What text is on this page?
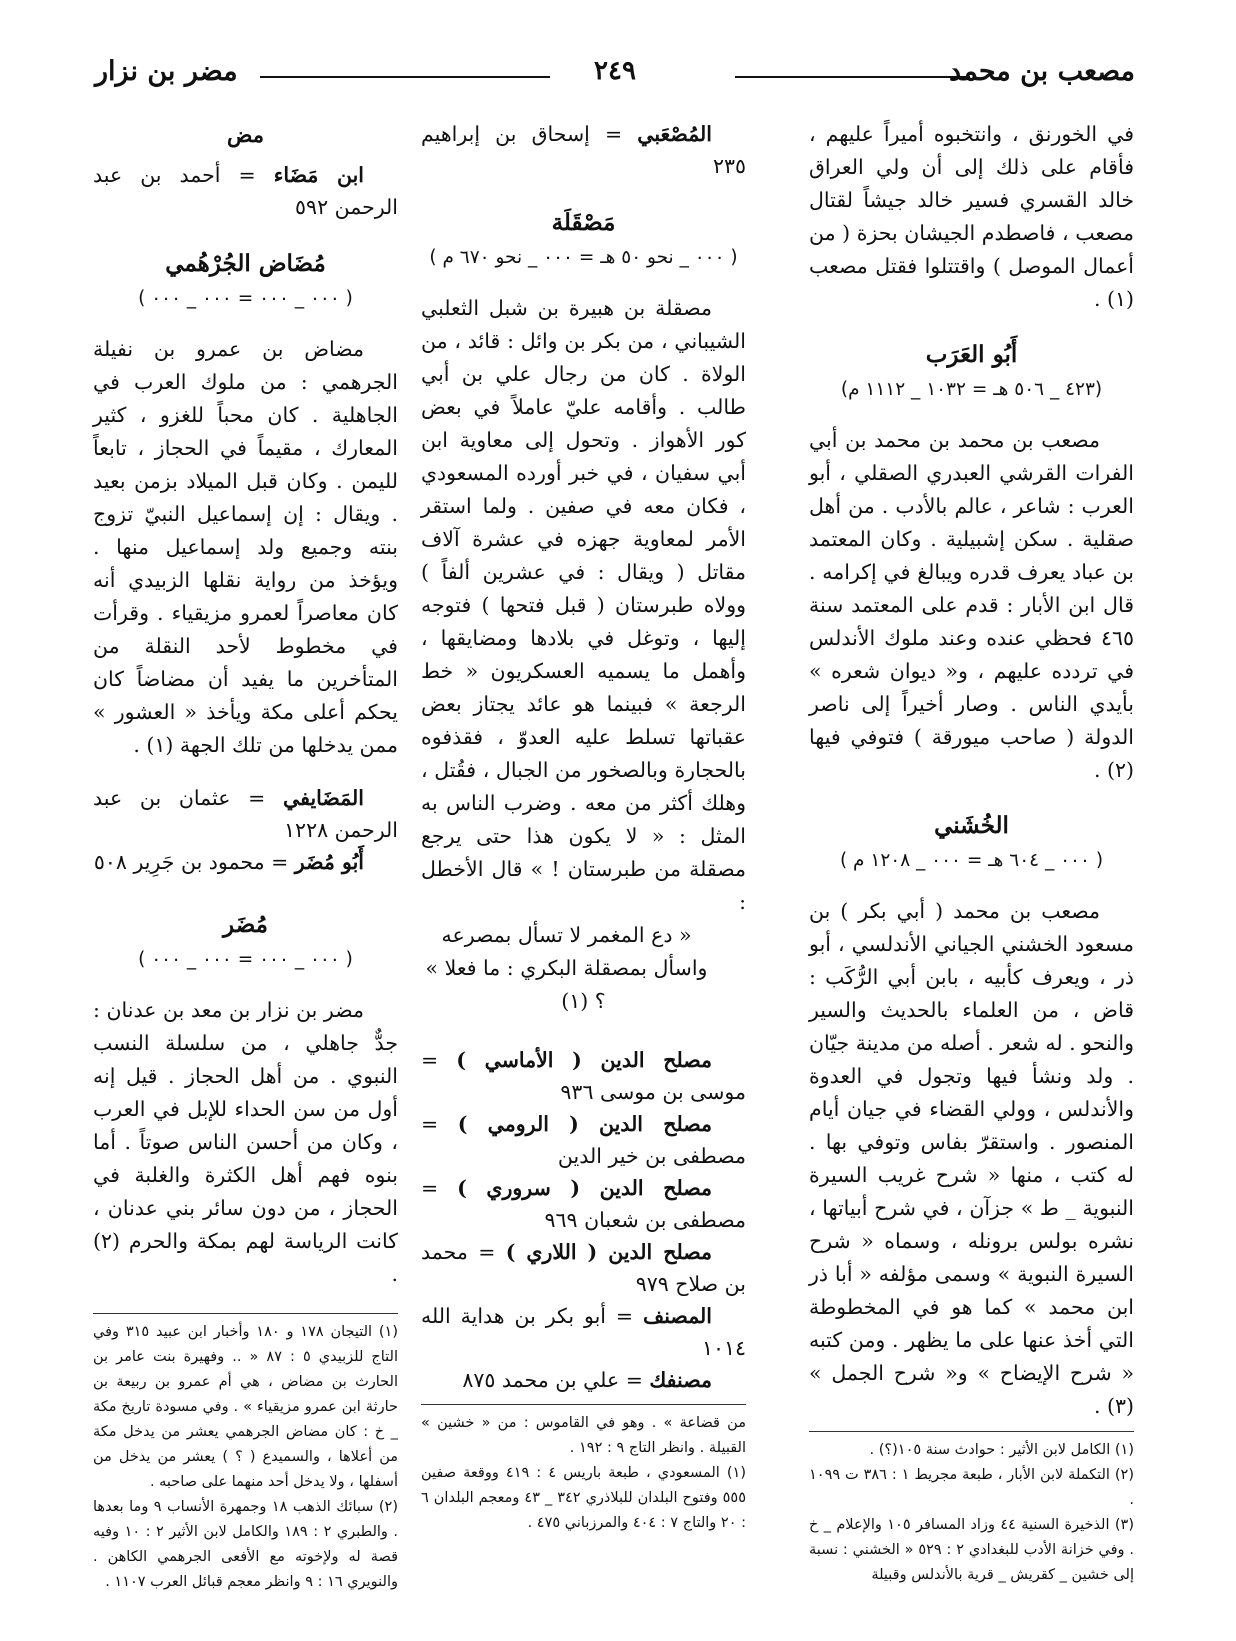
مصعب بن محمد
٢٤٩
مضر بن نزار

في الخورنق ، وانتخبوه أميراً عليهم ، فأقام على ذلك إلى أن ولي العراق خالد القسري فسير خالد جيشاً لقتال مصعب ، فاصطدم الجيشان بحزة ( من أعمال الموصل ) واقتتلوا فقتل مصعب (١) .

أَبُو العَرَب
(٤٢٣ _ ٥٠٦ هـ = ١٠٣٢ _ ١١١٢ م)

مصعب بن محمد بن محمد بن أبي الفرات القرشي العبدري الصقلي ، أبو العرب : شاعر ، عالم بالأدب . من أهل صقلية . سكن إشبيلية . وكان المعتمد بن عباد يعرف قدره ويبالغ في إكرامه . قال ابن الأبار : قدم على المعتمد سنة ٤٦٥ فحظي عنده وعند ملوك الأندلس في تردده عليهم ، و« ديوان شعره » بأيدي الناس . وصار أخيراً إلى ناصر الدولة ( صاحب ميورقة ) فتوفي فيها (٢) .

الخُشَني
( ٠٠٠ _ ٦٠٤ هـ = ٠٠٠ _ ١٢٠٨ م )

مصعب بن محمد ( أبي بكر ) بن مسعود الخشني الجياني الأندلسي ، أبو ذر ، ويعرف كأبيه ، بابن أبي الرُّكَب : قاض ، من العلماء بالحديث والسير والنحو . له شعر . أصله من مدينة جيّان . ولد ونشأ فيها وتجول في العدوة والأندلس ، وولي القضاء في جيان أيام المنصور . واستقرّ بفاس وتوفي بها . له كتب ، منها « شرح غريب السيرة النبوية _ ط » جزآن ، في شرح أبياتها ، نشره بولس برونله ، وسماه « شرح السيرة النبوية » وسمى مؤلفه « أبا ذر ابن محمد » كما هو في المخطوطة التي أخذ عنها على ما يظهر . ومن كتبه « شرح الإيضاح » و« شرح الجمل » (٣) .

(١) الكامل لابن الأثير : حوادث سنة ١٠٥(؟) .

(٢) التكملة لابن الأبار ، طبعة مجريط ١ : ٣٨٦ ت ١٠٩٩ .

(٣) الذخيرة السنية ٤٤ وزاد المسافر ١٠٥ والإعلام _ خ . وفي خزانة الأدب للبغدادي ٢ : ٥٢٩ « الخشني : نسبة إلى خشين _ كقريش _ قرية بالأندلس وقبيلة

المُصْعَبي = إسحاق بن إبراهيم ٢٣٥

مَصْقَلَة
( ٠٠٠ _ نحو ٥٠ هـ = ٠٠٠ _ نحو ٦٧٠ م )

مصقلة بن هبيرة بن شبل الثعلبي الشيباني ، من بكر بن وائل : قائد ، من الولاة . كان من رجال علي بن أبي طالب . وأقامه عليّ عاملاً في بعض كور الأهواز . وتحول إلى معاوية ابن أبي سفيان ، في خبر أورده المسعودي ، فكان معه في صفين . ولما استقر الأمر لمعاوية جهزه في عشرة آلاف مقاتل ( ويقال : في عشرين ألفاً ) وولاه طبرستان ( قبل فتحها ) فتوجه إليها ، وتوغل في بلادها ومضايقها ، وأهمل ما يسميه العسكريون « خط الرجعة » فبينما هو عائد يجتاز بعض عقباتها تسلط عليه العدوّ ، فقذفوه بالحجارة وبالصخور من الجبال ، فقُتل ، وهلك أكثر من معه . وضرب الناس به المثل : « لا يكون هذا حتى يرجع مصقلة من طبرستان ! » قال الأخطل :

« دع المغمر لا تسأل بمصرعه

واسأل بمصقلة البكري : ما فعلا » ؟ (١)

مصلح الدين ( الأماسي ) = موسى بن موسى ٩٣٦

مصلح الدين ( الرومي ) = مصطفى بن خير الدين

مصلح الدين ( سروري ) = مصطفى بن شعبان ٩٦٩

مصلح الدين ( اللاري ) = محمد بن صلاح ٩٧٩

المصنف = أبو بكر بن هداية الله ١٠١٤

مصنفك = علي بن محمد ٨٧٥

من قضاعة » . وهو في القاموس : من « خشين » القبيلة . وانظر التاج ٩ : ١٩٢ .

(١) المسعودي ، طبعة باريس ٤ : ٤١٩ ووقعة صفين ٥٥٥ وفتوح البلدان للبلاذري ٣٤٢ _ ٤٣ ومعجم البلدان ٦ : ٢٠ والتاج ٧ : ٤٠٤ والمرزباني ٤٧٥ .

مض

ابن مَضَاء = أحمد بن عبد الرحمن ٥٩٢

مُضَاض الجُرْهُمي
( ٠٠٠ _ ٠٠٠ = ٠٠٠ _ ٠٠٠ )

مضاض بن عمرو بن نفيلة الجرهمي : من ملوك العرب في الجاهلية . كان محباً للغزو ، كثير المعارك ، مقيماً في الحجاز ، تابعاً لليمن . وكان قبل الميلاد بزمن بعيد . ويقال : إن إسماعيل النبيّ تزوج بنته وجميع ولد إسماعيل منها . ويؤخذ من رواية نقلها الزبيدي أنه كان معاصراً لعمرو مزيقياء . وقرأت في مخطوط لأحد النقلة من المتأخرين ما يفيد أن مضاضاً كان يحكم أعلى مكة ويأخذ « العشور » ممن يدخلها من تلك الجهة (١) .

المَضَايفي = عثمان بن عبد الرحمن ١٢٢٨

أَبُو مُضَر = محمود بن جَرِير ٥٠٨

مُضَر
( ٠٠٠ _ ٠٠٠ = ٠٠٠ _ ٠٠٠ )

مضر بن نزار بن معد بن عدنان : جدٌّ جاهلي ، من سلسلة النسب النبوي . من أهل الحجاز . قيل إنه أول من سن الحداء للإبل في العرب ، وكان من أحسن الناس صوتاً . أما بنوه فهم أهل الكثرة والغلبة في الحجاز ، من دون سائر بني عدنان ، كانت الرياسة لهم بمكة والحرم (٢) .

(١) التيجان ١٧٨ و ١٨٠ وأخبار ابن عبيد ٣١٥ وفي التاج للزبيدي ٥ : ٨٧ « .. وفهيرة بنت عامر بن الحارث بن مضاض ، هي أم عمرو بن ربيعة بن حارثة ابن عمرو مزيقياء » . وفي مسودة تاريخ مكة _ خ : كان مضاض الجرهمي يعشر من يدخل مكة من أعلاها ، والسميدع ( ؟ ) يعشر من يدخل من أسفلها ، ولا يدخل أحد منهما على صاحبه .

(٢) سبائك الذهب ١٨ وجمهرة الأنساب ٩ وما بعدها . والطبري ٢ : ١٨٩ والكامل لابن الأثير ٢ : ١٠ وفيه قصة له ولإخوته مع الأفعى الجرهمي الكاهن . والنويري ١٦ : ٩ وانظر معجم قبائل العرب ١١٠٧ .
